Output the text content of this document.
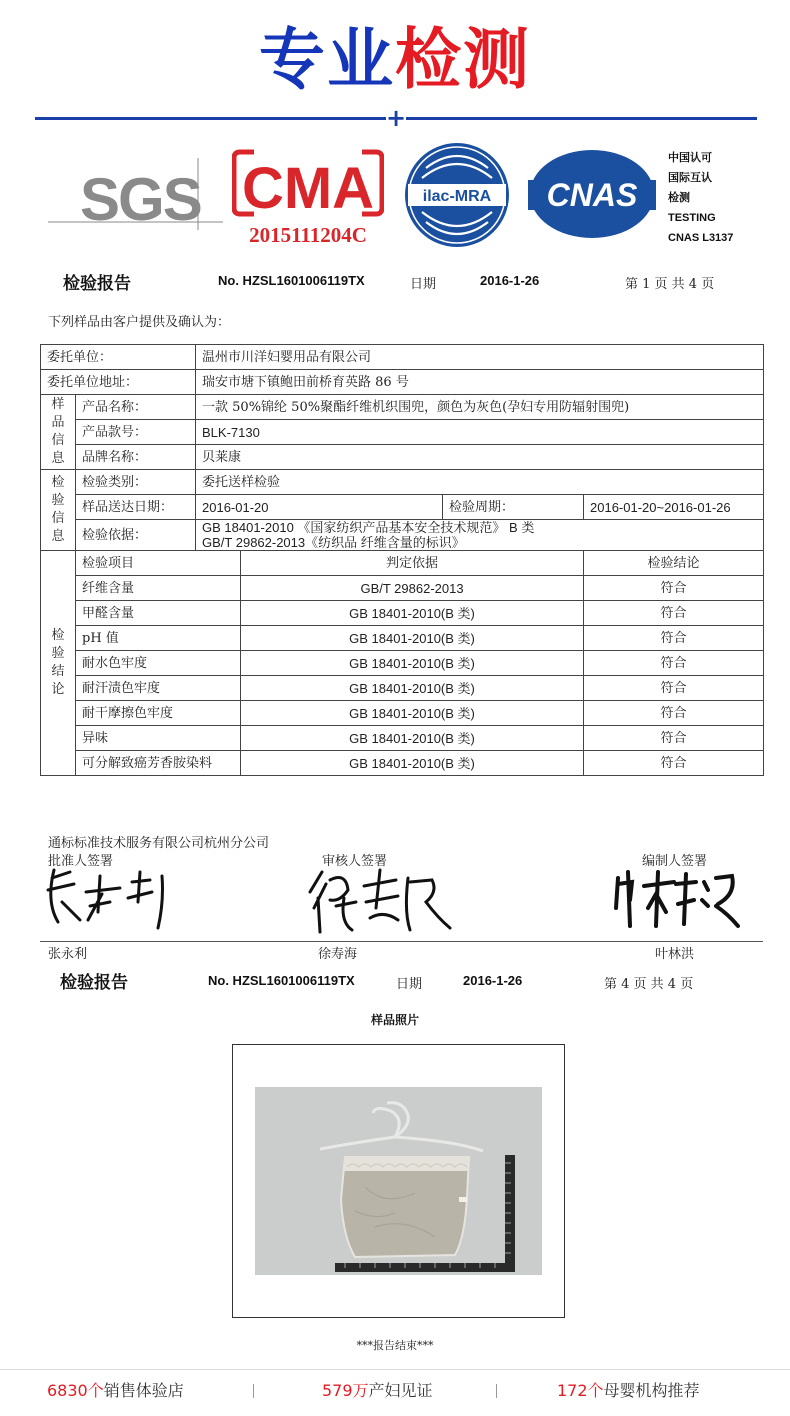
专业检测
+
SGS CMA
2015111204C
ilac-MRA CNAS
中国认可
国际互认
检测
TESTING
CNAS L3137
检验报告	No. HZSL1601006119TX	日期	2016-1-26	第 1 页 共 4 页
下列样品由客户提供及确认为：
委托单位：		温州市川洋妇婴用品有限公司			
委托单位地址：		瑞安市塘下镇鲍田前桥育英路 86 号			

样
品
信
息	产品名称：	一款 50%锦纶 50%聚酯纤维机织围兜，颜色为灰色(孕妇专用防辐射围兜)			
	产品款号：	BLK-7130			
	品牌名称：	贝莱康			

检
验
信
息	检验类别：	委托送样检验			
	样品送达日期：	2016-01-20		检验周期：	2016-01-20~2016-01-26
	检验依据：	GB 18401-2010 《国家纺织产品基本安全技术规范》 B 类
GB/T 29862-2013《纺织品 纤维含量的标识》			

检
验
结
论	检验项目		判定依据		检验结论
	纤维含量		GB/T 29862-2013		符合
	甲醛含量		GB 18401-2010(B 类)		符合
	pH 值		GB 18401-2010(B 类)		符合
	耐水色牢度		GB 18401-2010(B 类)		符合
	耐汗渍色牢度		GB 18401-2010(B 类)		符合
	耐干摩擦色牢度		GB 18401-2010(B 类)		符合
	异味		GB 18401-2010(B 类)		符合
	可分解致癌芳香胺染料		GB 18401-2010(B 类)		符合
通标标准技术服务有限公司杭州分公司
批准人签署	审核人签署	编制人签署
张永利	徐寿海	叶林洪
检验报告	No. HZSL1601006119TX	日期	2016-1-26	第 4 页 共 4 页
样品照片
***报告结束***
6830个销售体验店	579万产妇见证	172个母婴机构推荐
